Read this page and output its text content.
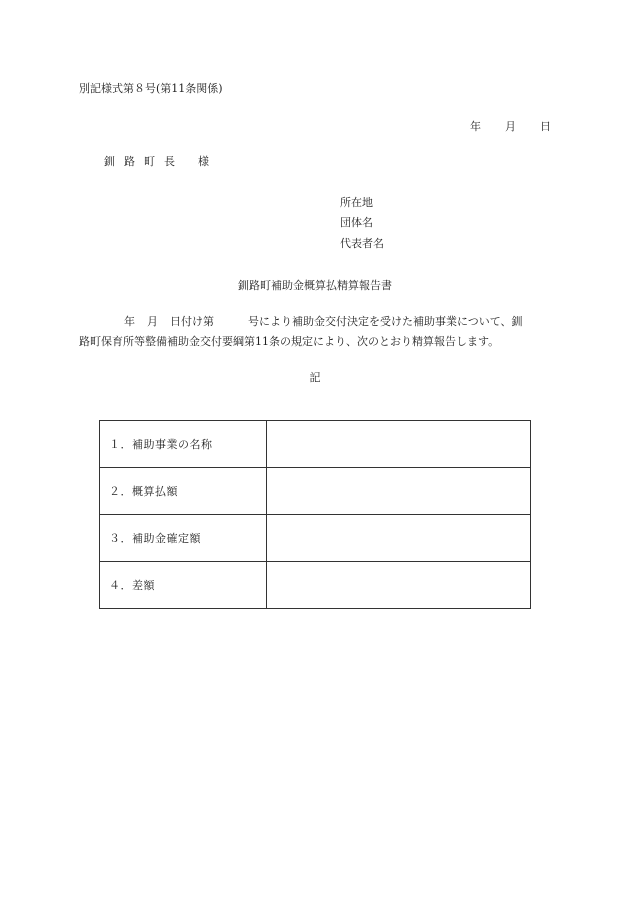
別記様式第８号(第11条関係)
年 月 日
釧路町長 様
所在地
団体名
代表者名
釧路町補助金概算払精算報告書
年 月 日付け第	号により補助金交付決定を受けた補助事業について、釧
路町保育所等整備補助金交付要綱第11条の規定により、次のとおり精算報告します。
記
１．補助事業の名称	
２．概算払額	
３．補助金確定額	
４．差額	
